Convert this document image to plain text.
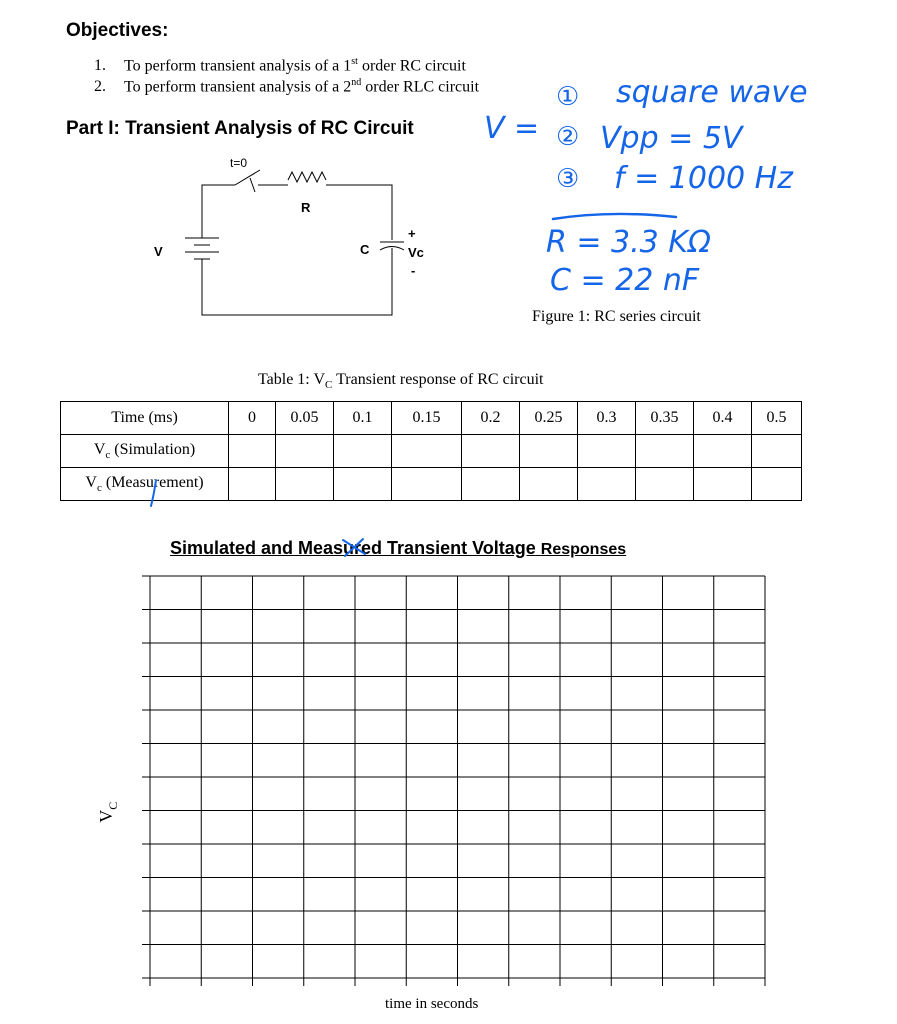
Objectives:
1. To perform transient analysis of a 1st order RC circuit
2. To perform transient analysis of a 2nd order RLC circuit
Part I: Transient Analysis of RC Circuit
t=0
R
V	C
+
Vc
-
V =
① square wave
② Vpp = 5V
③ f = 1000 Hz
R = 3.3 KΩ
C = 22 nF
Figure 1: RC series circuit
Table 1: $V_C$ Transient response of RC circuit
Time (ms)	0	0.05	0.1	0.15	0.2	0.25	0.3	0.35	0.4	0.5
$V_c$ (Simulation)										
$V_c$ (Measurement)										
Simulated and Measured Transient Voltage Responses
$V_C$
time in seconds
